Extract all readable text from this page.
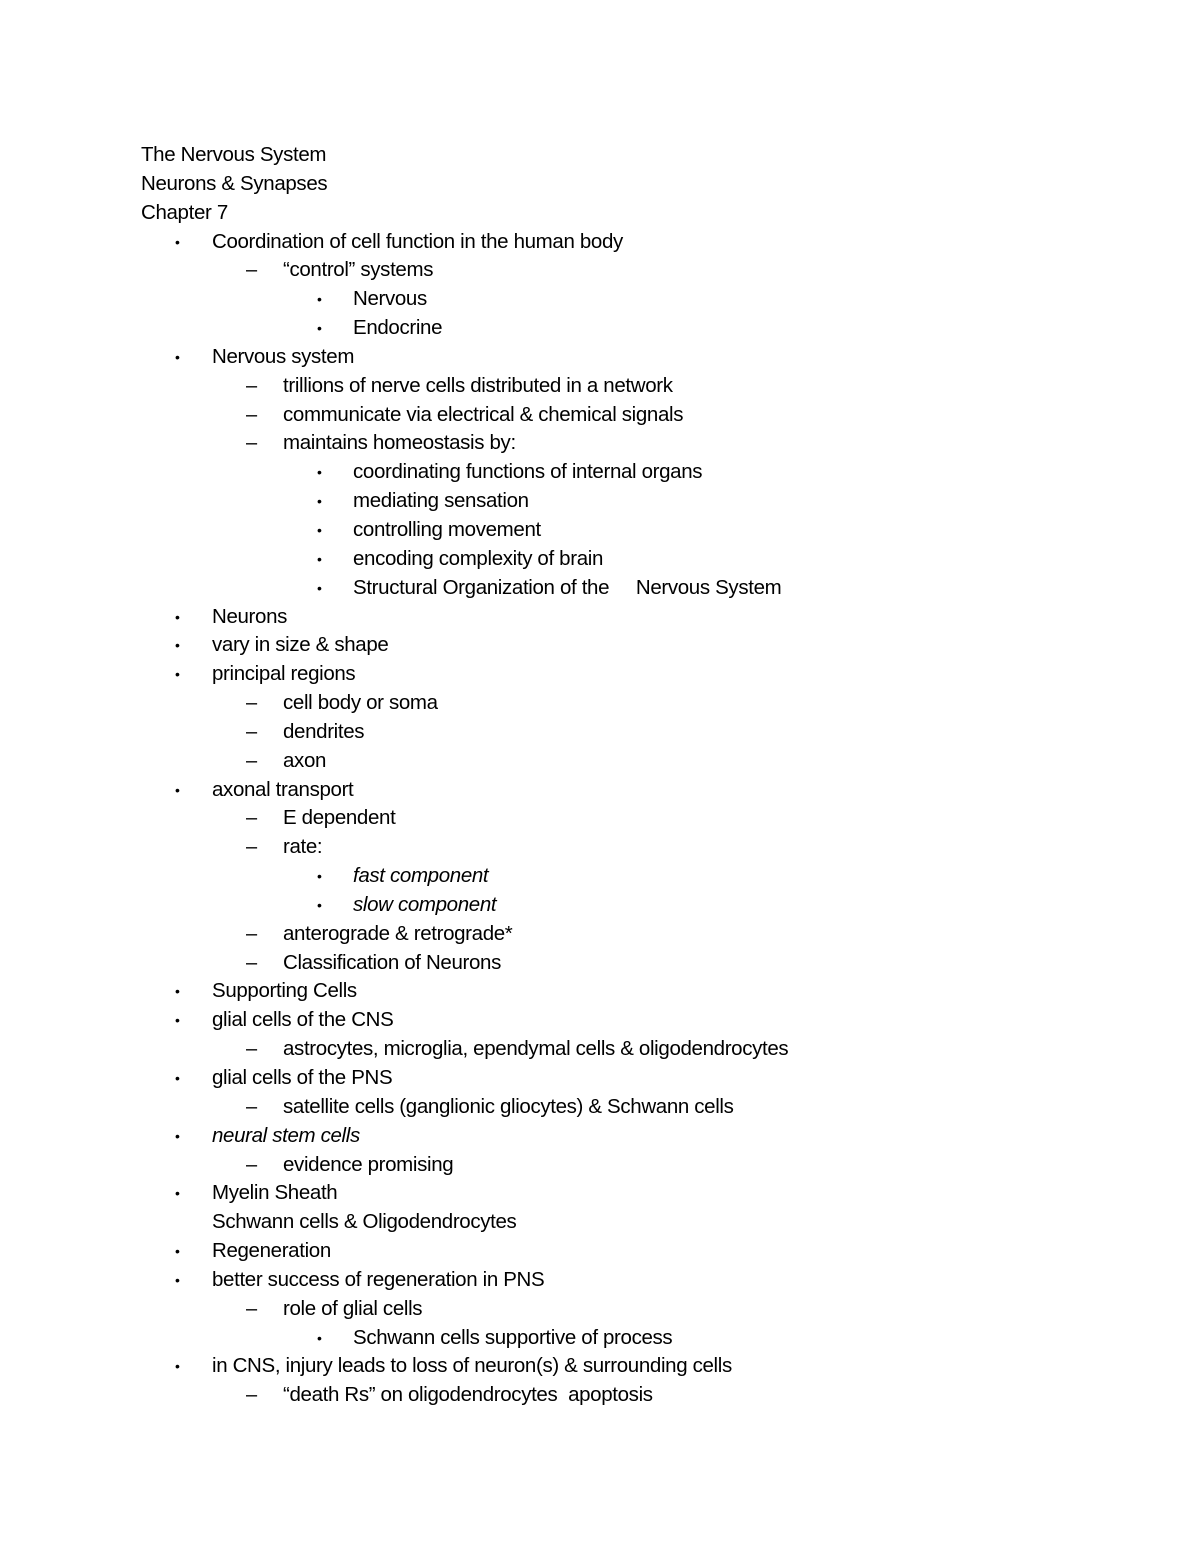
The Nervous System
Neurons & Synapses
Chapter 7
• Coordination of cell function in the human body
– “control” systems
• Nervous
• Endocrine
• Nervous system
– trillions of nerve cells distributed in a network
– communicate via electrical & chemical signals
– maintains homeostasis by:
• coordinating functions of internal organs
• mediating sensation
• controlling movement
• encoding complexity of brain
• Structural Organization of the     Nervous System
• Neurons
• vary in size & shape
• principal regions
– cell body or soma
– dendrites
– axon
• axonal transport
– E dependent
– rate:
• fast component
• slow component
– anterograde & retrograde*
– Classification of Neurons
• Supporting Cells
• glial cells of the CNS
– astrocytes, microglia, ependymal cells & oligodendrocytes
• glial cells of the PNS
– satellite cells (ganglionic gliocytes) & Schwann cells
• neural stem cells
– evidence promising
• Myelin Sheath
Schwann cells & Oligodendrocytes
• Regeneration
• better success of regeneration in PNS
– role of glial cells
• Schwann cells supportive of process
• in CNS, injury leads to loss of neuron(s) & surrounding cells
– “death Rs” on oligodendrocytes  apoptosis
